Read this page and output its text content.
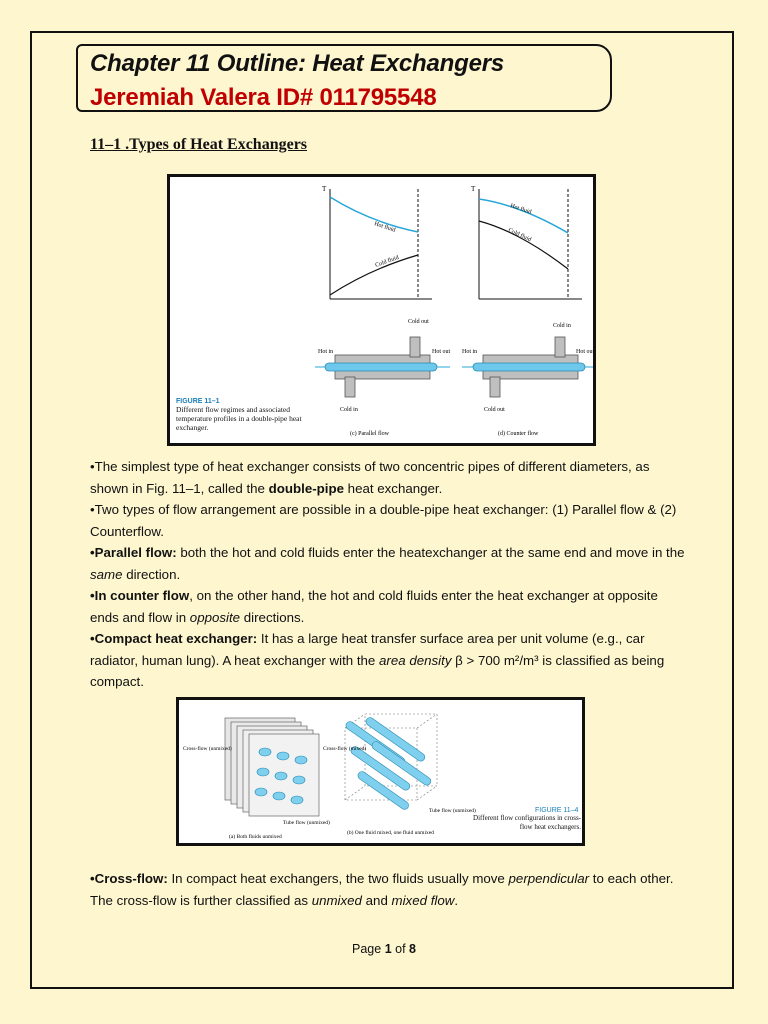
Chapter 11 Outline: Heat Exchangers
Jeremiah Valera ID# 011795548
11–1 .Types of Heat Exchangers
T
Hot fluid
Cold fluid
T
Hot fluid
Cold fluid
Hot in	Hot out
Cold out
Cold in
Hot in	Hot out
Cold in
Cold out
FIGURE 11–1
Different flow regimes and associated temperature profiles in a double-pipe heat exchanger.
(c) Parallel flow	(d) Counter flow

•The simplest type of heat exchanger consists of two concentric pipes of different diameters, as shown in Fig. 11–1, called the double-pipe heat exchanger.

•Two types of flow arrangement are possible in a double-pipe heat exchanger: (1) Parallel flow & (2) Counterflow.

•Parallel flow: both the hot and cold fluids enter the heatexchanger at the same end and move in the same direction.

•In counter flow, on the other hand, the hot and cold fluids enter the heat exchanger at opposite ends and flow in opposite directions.

•Compact heat exchanger: It has a large heat transfer surface area per unit volume (e.g., car radiator, human lung). A heat exchanger with the area density β > 700 m²/m³ is classified as being compact.

Cross-flow (unmixed)
Tube flow (unmixed)
(a) Both fluids unmixed
Cross-flow (mixed)
Tube flow (unmixed)
(b) One fluid mixed, one fluid unmixed
FIGURE 11–4
Different flow configurations in cross-flow heat exchangers.

•Cross-flow: In compact heat exchangers, the two fluids usually move perpendicular to each other. The cross-flow is further classified as unmixed and mixed flow.

Page 1 of 8
